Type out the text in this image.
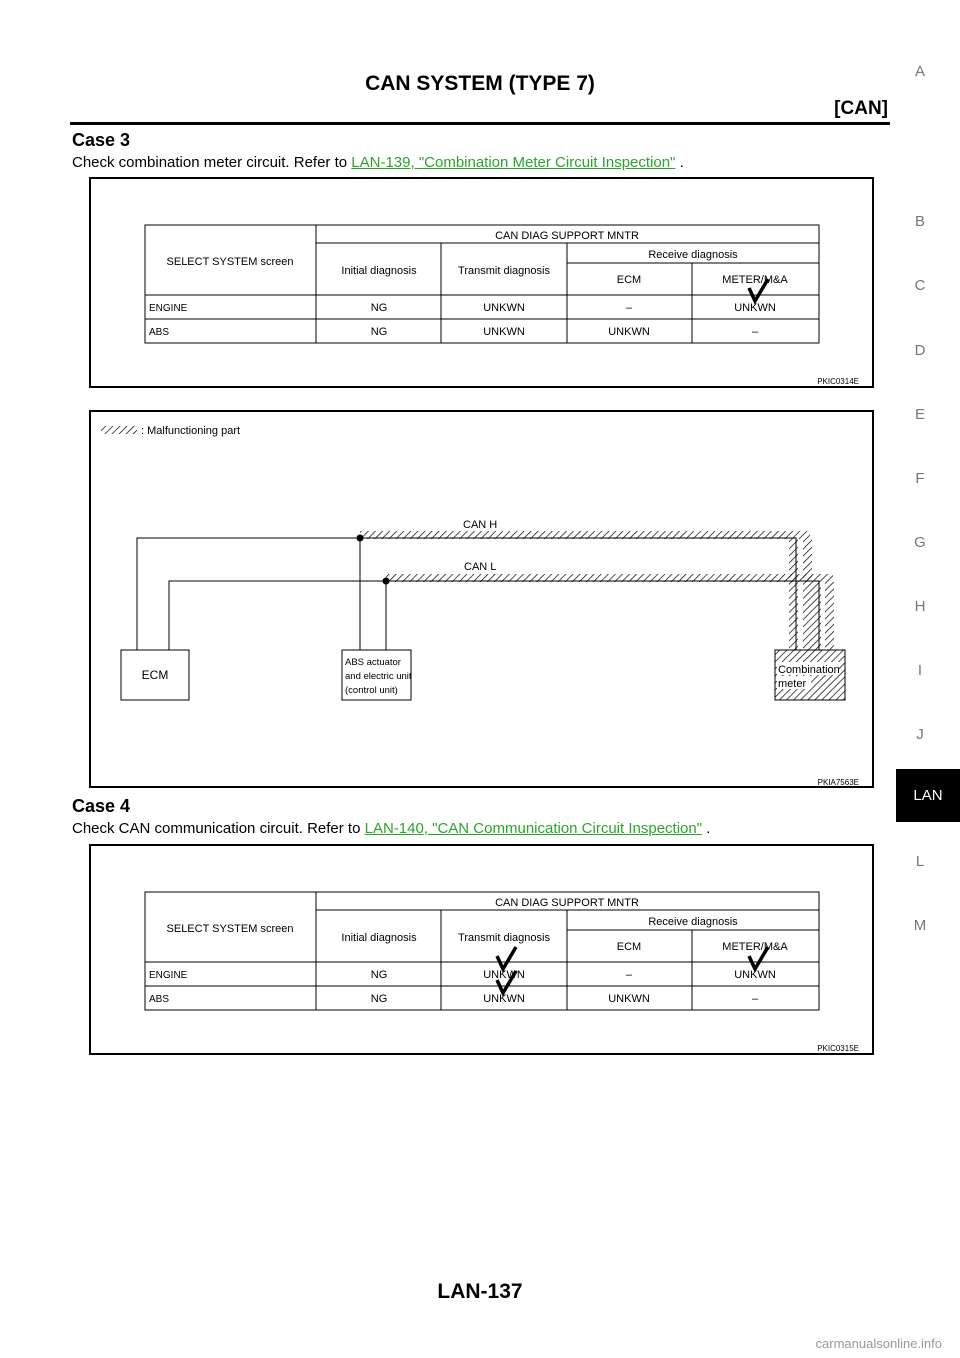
CAN SYSTEM (TYPE 7)
[CAN]
Case 3
Check combination meter circuit. Refer to LAN-139, "Combination Meter Circuit Inspection" .
SELECT SYSTEM screen
CAN DIAG SUPPORT MNTR
Initial diagnosis	Transmit diagnosis
Receive diagnosis
ECM	METER/M&A
ENGINE	NG	UNKWN	–	UNKWN
ABS	NG	UNKWN	UNKWN	–
PKIC0314E
: Malfunctioning part
CAN H
CAN L
ECM
ABS actuator
and electric unit
(control unit)
Combination
meter
PKIA7563E
Case 4
Check CAN communication circuit. Refer to LAN-140, "CAN Communication Circuit Inspection" .
SELECT SYSTEM screen
CAN DIAG SUPPORT MNTR
Initial diagnosis	Transmit diagnosis
Receive diagnosis
ECM	METER/M&A
ENGINE	NG	UNKWN	–	UNKWN
ABS	NG	UNKWN	UNKWN	–
PKIC0315E
A
B
C
D
E
F
G
H
I
J
LAN
L
M
LAN-137
carmanualsonline.info
